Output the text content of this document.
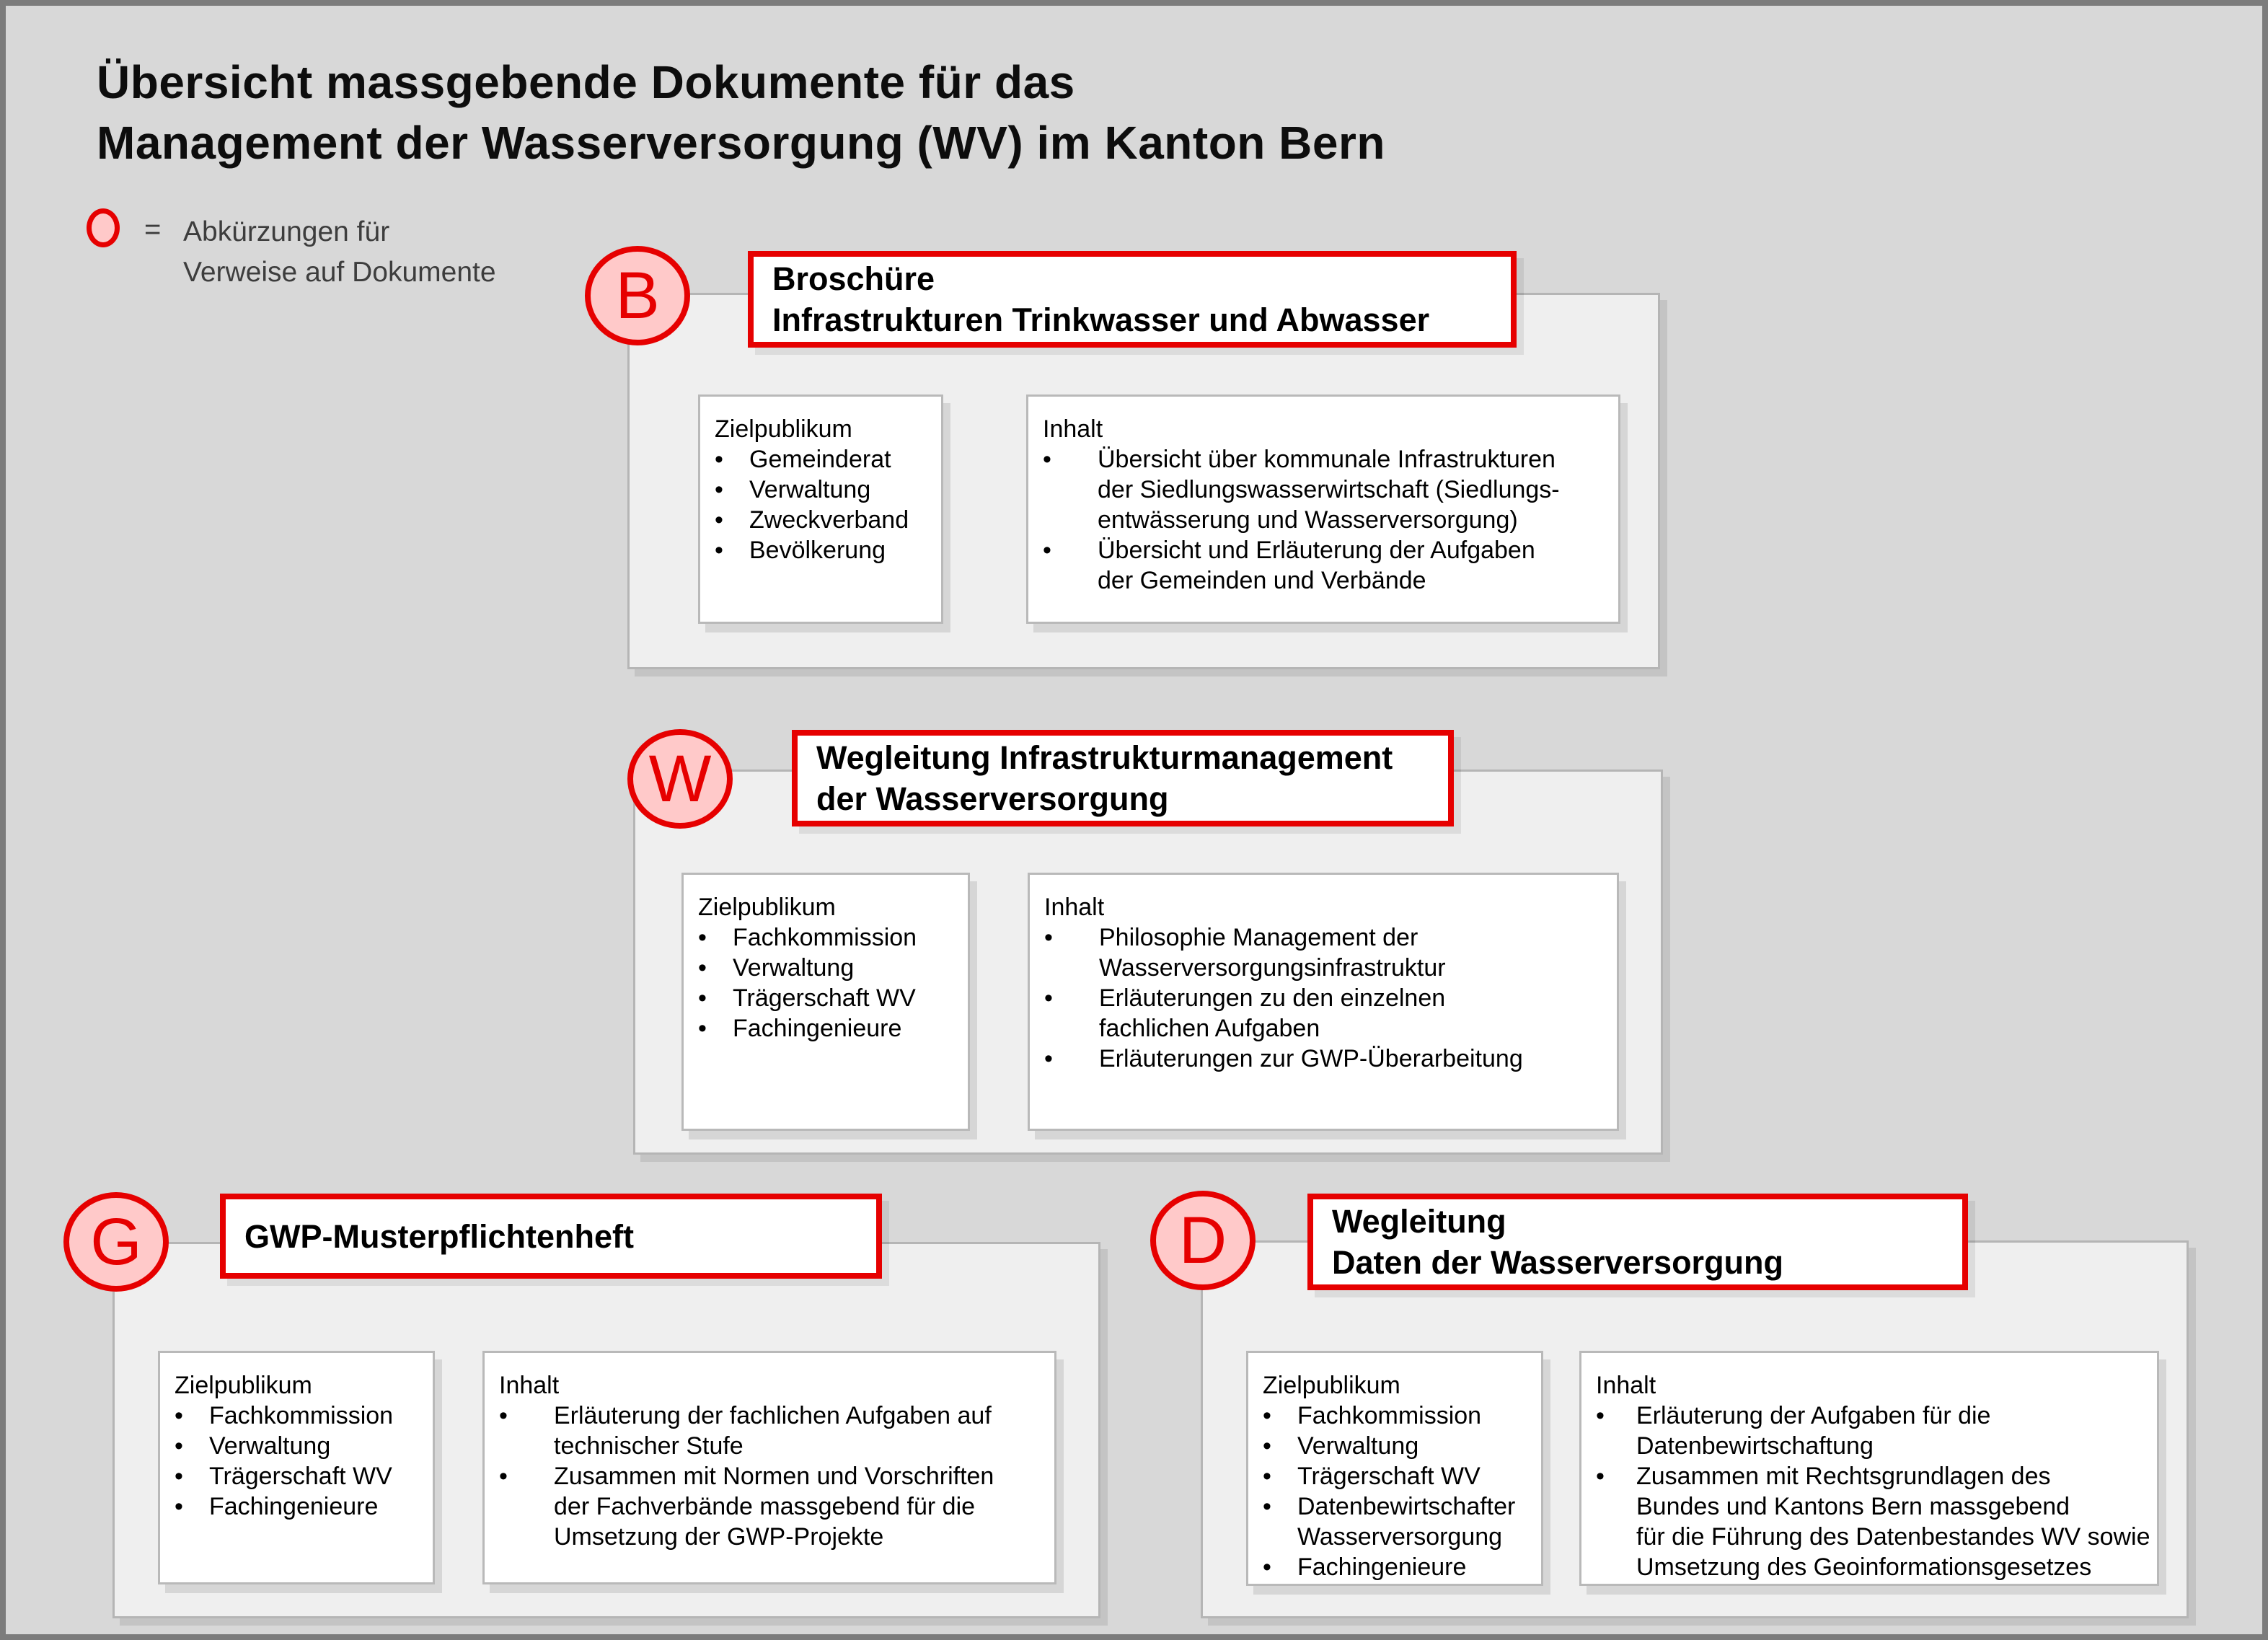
Übersicht massgebende Dokumente für das
Management der Wasserversorgung (WV) im Kanton Bern
= Abkürzungen für
Verweise auf Dokumente	Broschüre
Infrastrukturen Trinkwasser und Abwasser
B
Zielpublikum
•	Gemeinderat
•	Verwaltung
•	Zweckverband
•	Bevölkerung
Inhalt
•	Übersicht über kommunale Infrastrukturen
der Siedlungswasserwirtschaft (Siedlungs-
entwässerung und Wasserversorgung)
•	Übersicht und Erläuterung der Aufgaben
der Gemeinden und Verbände
Wegleitung Infrastrukturmanagement
der Wasserversorgung
W
Zielpublikum
•	Fachkommission
•	Verwaltung
•	Trägerschaft WV
•	Fachingenieure
Inhalt
•	Philosophie Management der
Wasserversorgungsinfrastruktur
•	Erläuterungen zu den einzelnen
fachlichen Aufgaben
•	Erläuterungen zur GWP-Überarbeitung
GWP-Musterpflichtenheft
G
Zielpublikum
•	Fachkommission
•	Verwaltung
•	Trägerschaft WV
•	Fachingenieure
Inhalt
•	Erläuterung der fachlichen Aufgaben auf
technischer Stufe
•	Zusammen mit Normen und Vorschriften
der Fachverbände massgebend für die
Umsetzung der GWP-Projekte
Wegleitung
Daten der Wasserversorgung
D
Zielpublikum
•	Fachkommission
•	Verwaltung
•	Trägerschaft WV
•	Datenbewirtschafter
Wasserversorgung
•	Fachingenieure
Inhalt
•	Erläuterung der Aufgaben für die
Datenbewirtschaftung
•	Zusammen mit Rechtsgrundlagen des
Bundes und Kantons Bern massgebend
für die Führung des Datenbestandes WV sowie
Umsetzung des Geoinformationsgesetzes
